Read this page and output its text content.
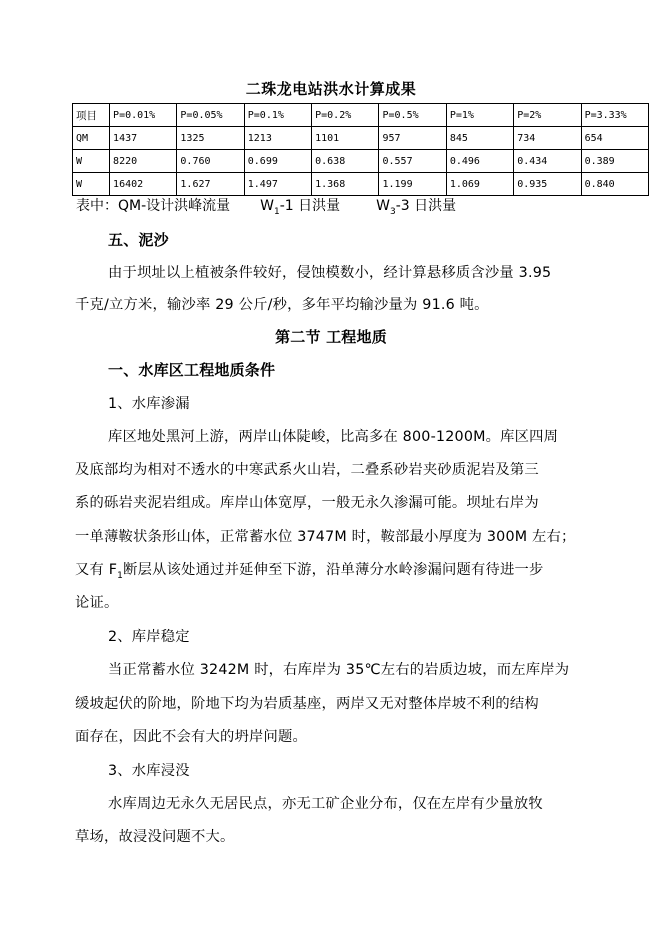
二珠龙电站洪水计算成果
项目	P=0.01%	P=0.05%	P=0.1%	P=0.2%	P=0.5%	P=1%	P=2%	P=3.33%
QM	1437	1325	1213	1101	957	845	734	654
W	8220	0.760	0.699	0.638	0.557	0.496	0.434	0.389
W	16402	1.627	1.497	1.368	1.199	1.069	0.935	0.840
表中：QM-设计洪峰流量 $W_1-1$ 日洪量	$W_3-3$ 日洪量
五、泥沙
由于坝址以上植被条件较好，侵蚀模数小，经计算悬移质含沙量 3.95
千克/立方米，输沙率 29 公斤/秒，多年平均输沙量为 91.6 吨。
第二节 工程地质
一、水库区工程地质条件
1、水库渗漏
库区地处黑河上游，两岸山体陡峻，比高多在 800-1200M。库区四周
及底部均为相对不透水的中寒武系火山岩，二叠系砂岩夹砂质泥岩及第三
系的砾岩夹泥岩组成。库岸山体宽厚，一般无永久渗漏可能。坝址右岸为
一单薄鞍状条形山体，正常蓄水位 3747M 时，鞍部最小厚度为 300M 左右；
又有 $F_1$断层从该处通过并延伸至下游，沿单薄分水岭渗漏问题有待进一步
论证。
2、库岸稳定
当正常蓄水位 3242M 时，右库岸为 35℃左右的岩质边坡，而左库岸为
缓坡起伏的阶地，阶地下均为岩质基座，两岸又无对整体岸坡不利的结构
面存在，因此不会有大的坍岸问题。
3、水库浸没
水库周边无永久无居民点，亦无工矿企业分布，仅在左岸有少量放牧
草场，故浸没问题不大。
